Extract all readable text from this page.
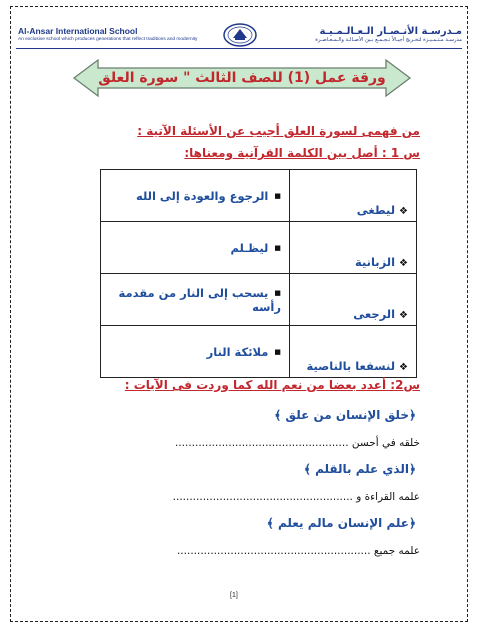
Al-Ansar International School
An exclusive school which produces generations that reflect traditions and modernity
مـدرسـة الأنـصـار الـعـالـمـيـة
مدرسـة مـتـمـيـزة لتخـريج أجيـالاً تـجـمـع بـين الأصـالـة والـمـعـاصـرة
ورقة عمل (1) للصف الثالث " سورة العلق
من فهمى لسورة العلق أجيب عن الأسئلة الآتية :
س 1 : أصل بين الكلمة القرآنية ومعناها:
❖ليطغى	■الرجوع والعودة إلى الله
❖الزبانية	■ليظـلم
❖الرجعى	■يسحب إلى النار من مقدمة رأسه
❖لنسفعا بالناصية	■ملائكة النار
س2: أعدد بعضا من نعم الله كما وردت فى الآيات :
﴿خلق الإنسان من علق ﴾
خلقه في أحسن ....................................................
﴿الذي علم بالقلم ﴾
علمه القراءة و ......................................................
﴿علم الإنسان مالم يعلم ﴾
علمه جميع ..........................................................
[1]
